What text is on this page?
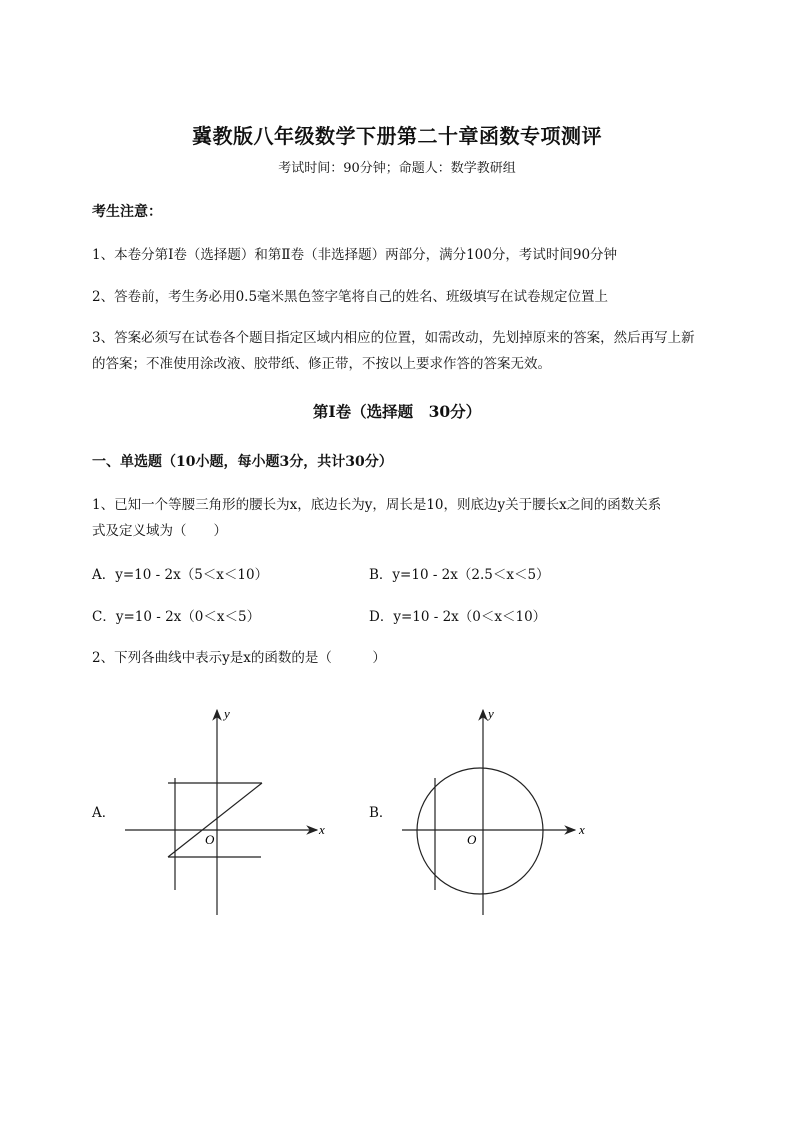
冀教版八年级数学下册第二十章函数专项测评
考试时间：90分钟；命题人：数学教研组
考生注意：
1、本卷分第Ⅰ卷（选择题）和第Ⅱ卷（非选择题）两部分，满分100分，考试时间90分钟
2、答卷前，考生务必用0.5毫米黑色签字笔将自己的姓名、班级填写在试卷规定位置上
3、答案必须写在试卷各个题目指定区域内相应的位置，如需改动，先划掉原来的答案，然后再写上新
的答案；不准使用涂改液、胶带纸、修正带，不按以上要求作答的答案无效。
第Ⅰ卷（选择题　30分）
一、单选题（10小题，每小题3分，共计30分）
1、已知一个等腰三角形的腰长为x，底边长为y，周长是10，则底边y关于腰长x之间的函数关系
式及定义域为（　　）
A．y=10 - 2x（5＜x＜10）	B．y=10 - 2x（2.5＜x＜5）
C．y=10 - 2x（0＜x＜5）	D．y=10 - 2x（0＜x＜10）
2、下列各曲线中表示y是x的函数的是（　　　）
A．	B．
x
y
O
x
y
O
